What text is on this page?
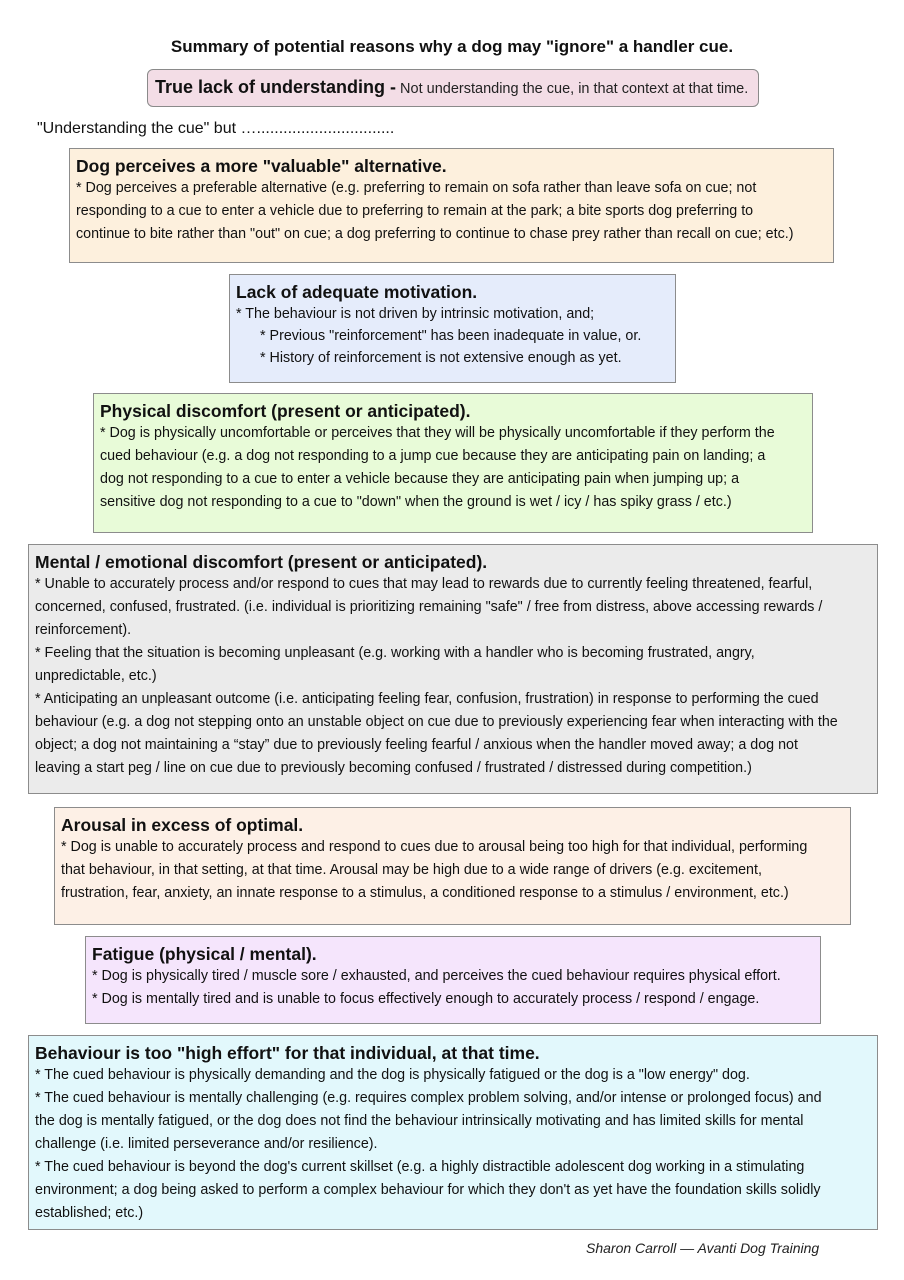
Summary of potential reasons why a dog may "ignore" a handler cue.
True lack of understanding - Not understanding the cue, in that context at that time.
"Understanding the cue" but …...............................
Dog perceives a more "valuable" alternative.
* Dog perceives a preferable alternative (e.g. preferring to remain on sofa rather than leave sofa on cue; not
responding to a cue to enter a vehicle due to preferring to remain at the park; a bite sports dog preferring to
continue to bite rather than "out" on cue; a dog preferring to continue to chase prey rather than recall on cue; etc.)
Lack of adequate motivation.
* The behaviour is not driven by intrinsic motivation, and;
* Previous "reinforcement" has been inadequate in value, or.
* History of reinforcement is not extensive enough as yet.
Physical discomfort (present or anticipated).
* Dog is physically uncomfortable or perceives that they will be physically uncomfortable if they perform the
cued behaviour (e.g. a dog not responding to a jump cue because they are anticipating pain on landing; a
dog not responding to a cue to enter a vehicle because they are anticipating pain when jumping up; a
sensitive dog not responding to a cue to "down" when the ground is wet / icy / has spiky grass / etc.)
Mental / emotional discomfort (present or anticipated).
* Unable to accurately process and/or respond to cues that may lead to rewards due to currently feeling threatened, fearful,
concerned, confused, frustrated. (i.e. individual is prioritizing remaining "safe" / free from distress, above accessing rewards /
reinforcement).
* Feeling that the situation is becoming unpleasant (e.g. working with a handler who is becoming frustrated, angry,
unpredictable, etc.)
* Anticipating an unpleasant outcome (i.e. anticipating feeling fear, confusion, frustration) in response to performing the cued
behaviour (e.g. a dog not stepping onto an unstable object on cue due to previously experiencing fear when interacting with the
object; a dog not maintaining a “stay” due to previously feeling fearful / anxious when the handler moved away; a dog not
leaving a start peg / line on cue due to previously becoming confused / frustrated / distressed during competition.)
Arousal in excess of optimal.
* Dog is unable to accurately process and respond to cues due to arousal being too high for that individual, performing
that behaviour, in that setting, at that time. Arousal may be high due to a wide range of drivers (e.g. excitement,
frustration, fear, anxiety, an innate response to a stimulus, a conditioned response to a stimulus / environment, etc.)
Fatigue (physical / mental).
* Dog is physically tired / muscle sore / exhausted, and perceives the cued behaviour requires physical effort.
* Dog is mentally tired and is unable to focus effectively enough to accurately process / respond / engage.
Behaviour is too "high effort" for that individual, at that time.
* The cued behaviour is physically demanding and the dog is physically fatigued or the dog is a "low energy" dog.
* The cued behaviour is mentally challenging (e.g. requires complex problem solving, and/or intense or prolonged focus) and
the dog is mentally fatigued, or the dog does not find the behaviour intrinsically motivating and has limited skills for mental
challenge (i.e. limited perseverance and/or resilience).
* The cued behaviour is beyond the dog's current skillset (e.g. a highly distractible adolescent dog working in a stimulating
environment; a dog being asked to perform a complex behaviour for which they don't as yet have the foundation skills solidly
established; etc.)
Sharon Carroll — Avanti Dog Training
